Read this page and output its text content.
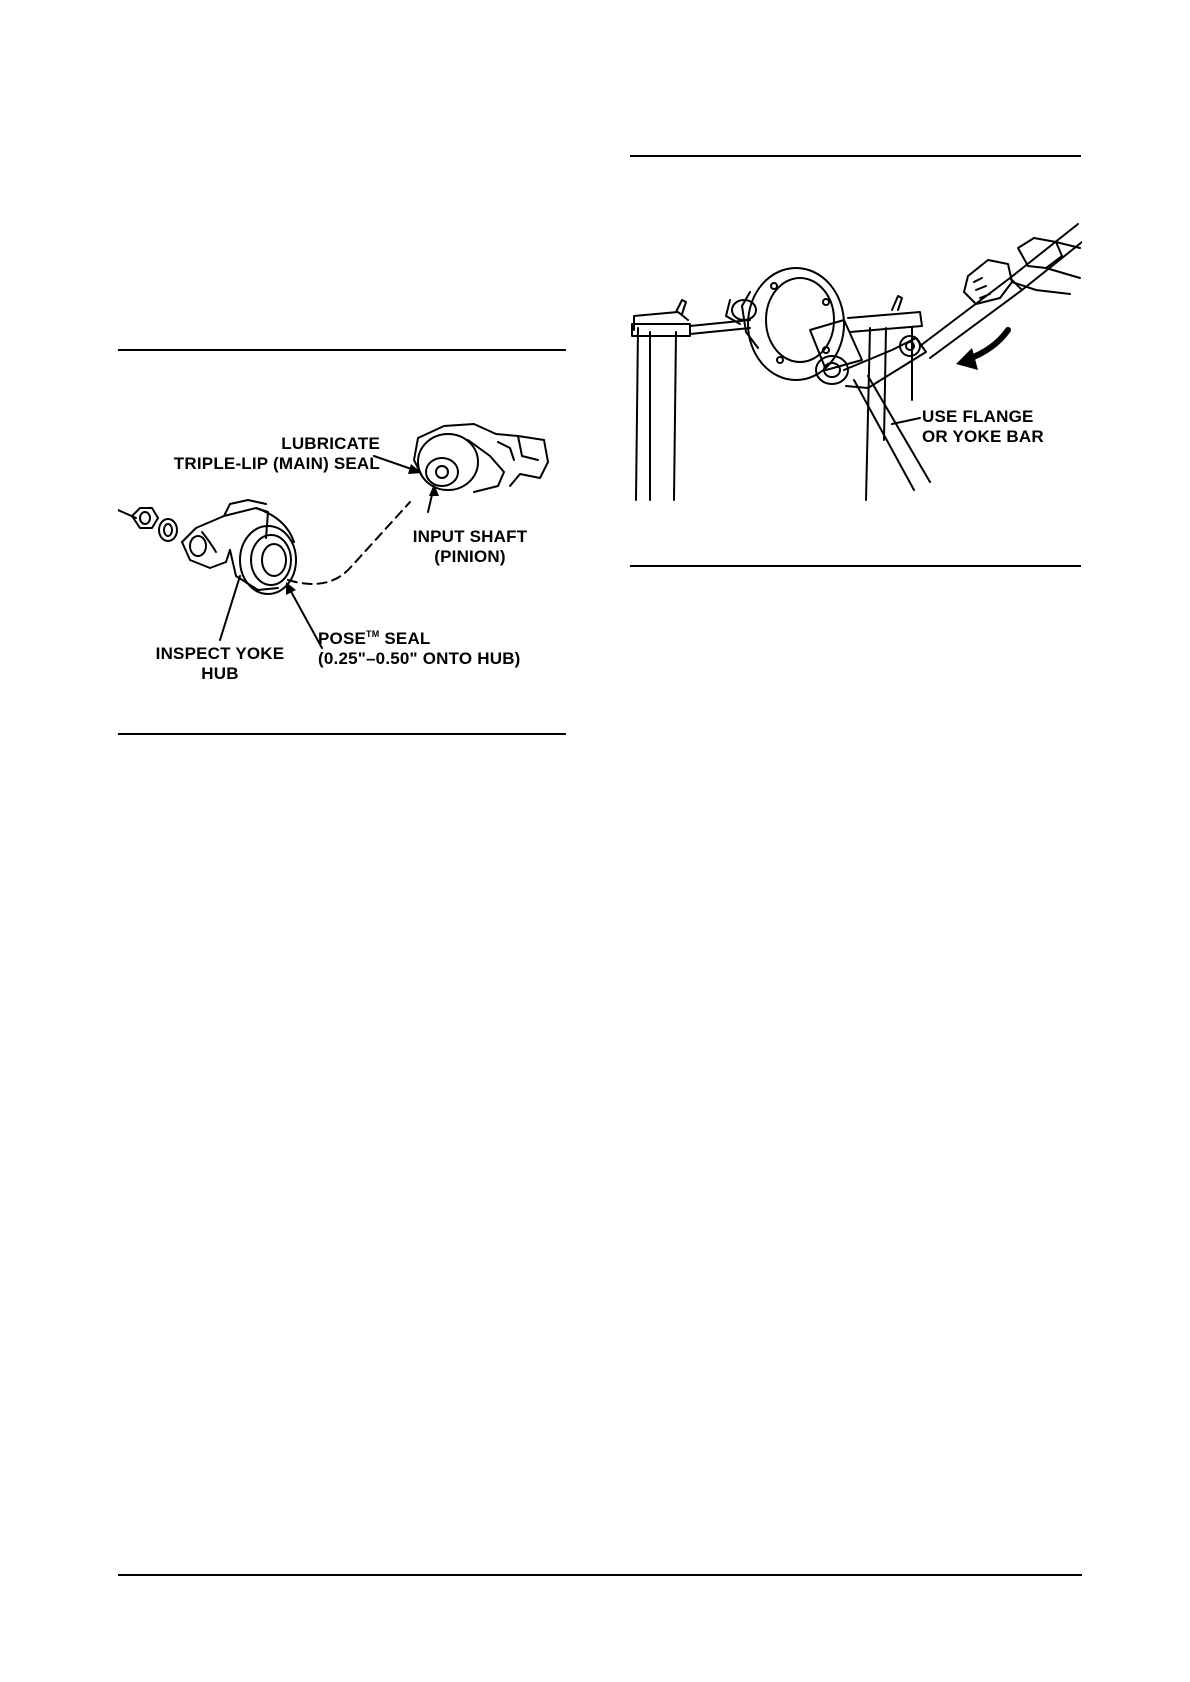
LUBRICATE
TRIPLE-LIP (MAIN) SEAL
INPUT SHAFT
(PINION)
INSPECT YOKE
HUB
POSE™ SEAL
(0.25"–0.50" ONTO HUB)
USE FLANGE
OR YOKE BAR
